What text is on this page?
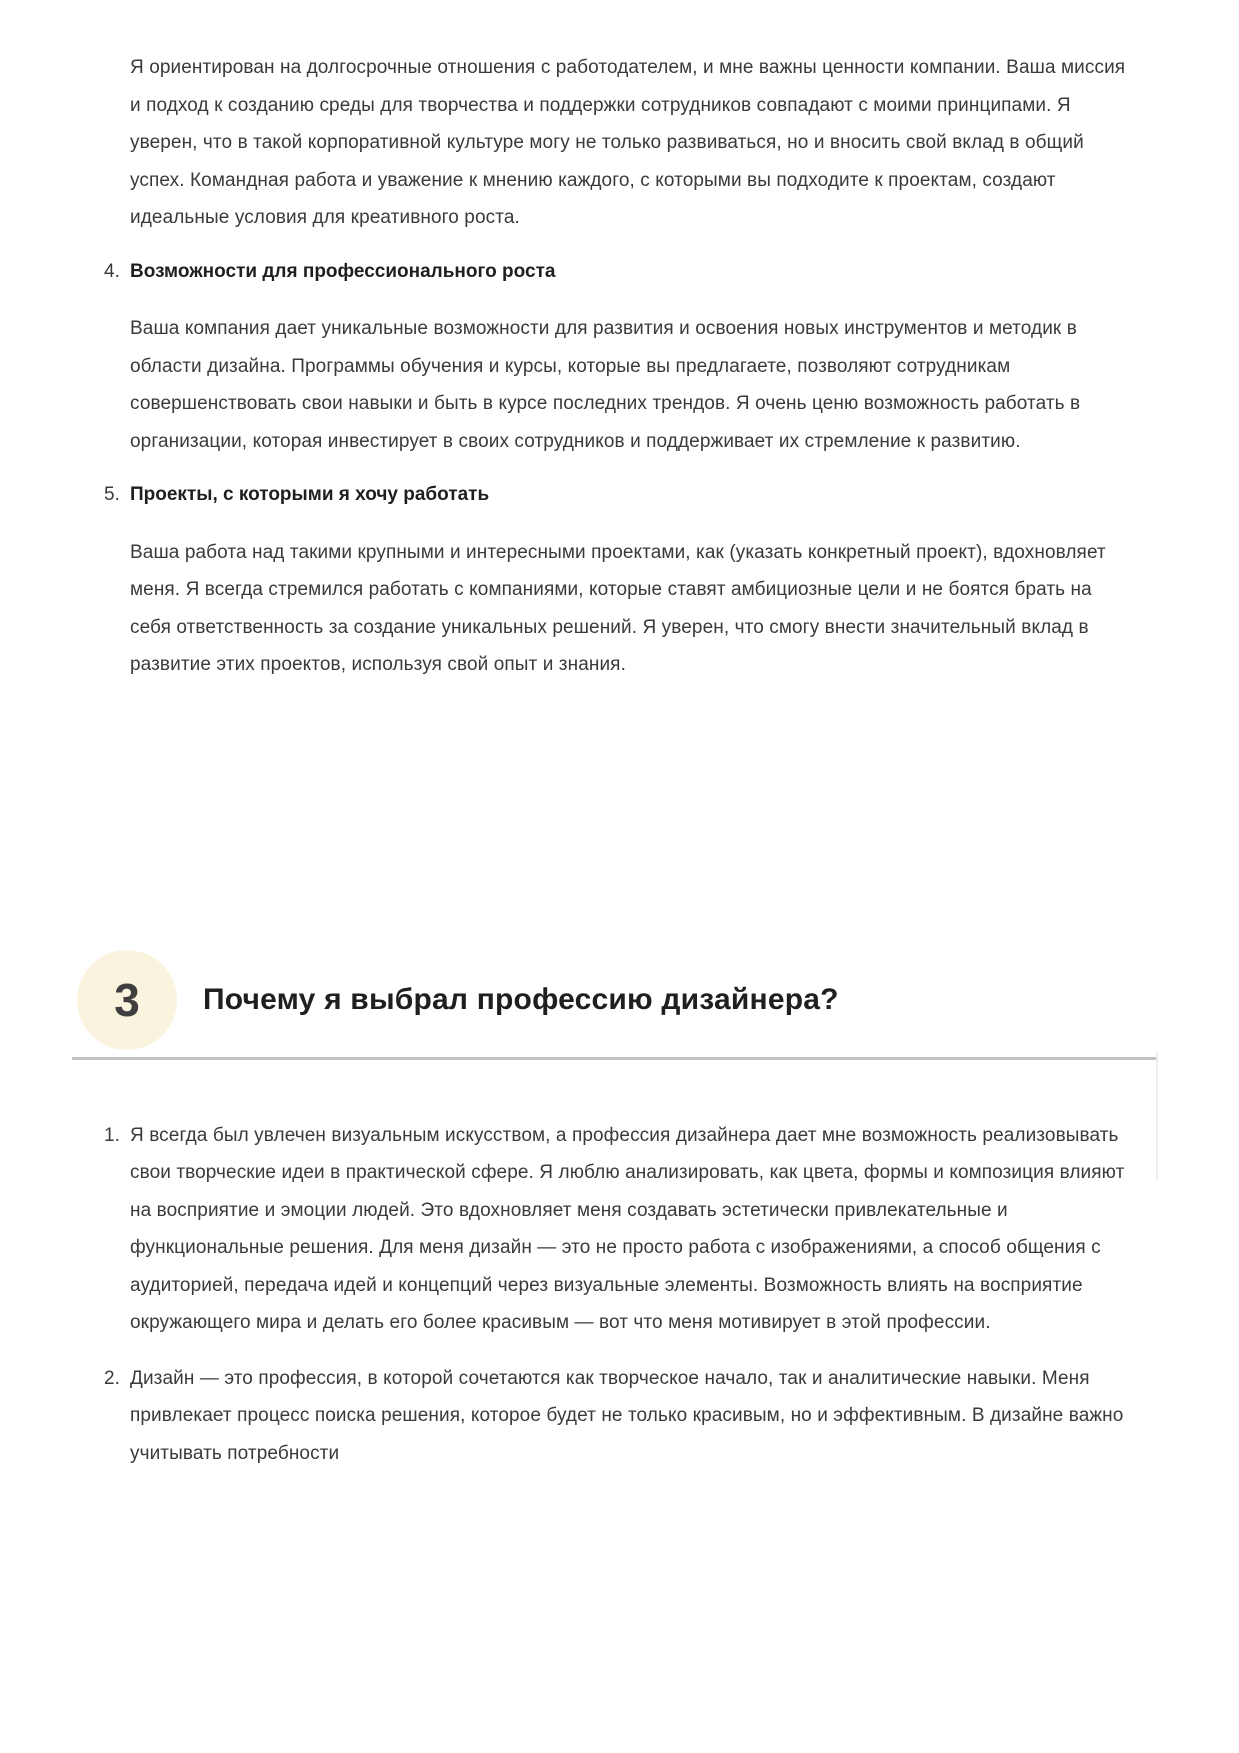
Я ориентирован на долгосрочные отношения с работодателем, и мне важны ценности компании. Ваша миссия и подход к созданию среды для творчества и поддержки сотрудников совпадают с моими принципами. Я уверен, что в такой корпоративной культуре могу не только развиваться, но и вносить свой вклад в общий успех. Командная работа и уважение к мнению каждого, с которыми вы подходите к проектам, создают идеальные условия для креативного роста.

4. Возможности для профессионального роста

Ваша компания дает уникальные возможности для развития и освоения новых инструментов и методик в области дизайна. Программы обучения и курсы, которые вы предлагаете, позволяют сотрудникам совершенствовать свои навыки и быть в курсе последних трендов. Я очень ценю возможность работать в организации, которая инвестирует в своих сотрудников и поддерживает их стремление к развитию.

5. Проекты, с которыми я хочу работать

Ваша работа над такими крупными и интересными проектами, как (указать конкретный проект), вдохновляет меня. Я всегда стремился работать с компаниями, которые ставят амбициозные цели и не боятся брать на себя ответственность за создание уникальных решений. Я уверен, что смогу внести значительный вклад в развитие этих проектов, используя свой опыт и знания.

3	Почему я выбрал профессию дизайнера?
1. Я всегда был увлечен визуальным искусством, а профессия дизайнера дает мне возможность реализовывать свои творческие идеи в практической сфере. Я люблю анализировать, как цвета, формы и композиция влияют на восприятие и эмоции людей. Это вдохновляет меня создавать эстетически привлекательные и функциональные решения. Для меня дизайн — это не просто работа с изображениями, а способ общения с аудиторией, передача идей и концепций через визуальные элементы. Возможность влиять на восприятие окружающего мира и делать его более красивым — вот что меня мотивирует в этой профессии.

2. Дизайн — это профессия, в которой сочетаются как творческое начало, так и аналитические навыки. Меня привлекает процесс поиска решения, которое будет не только красивым, но и эффективным. В дизайне важно учитывать потребности
